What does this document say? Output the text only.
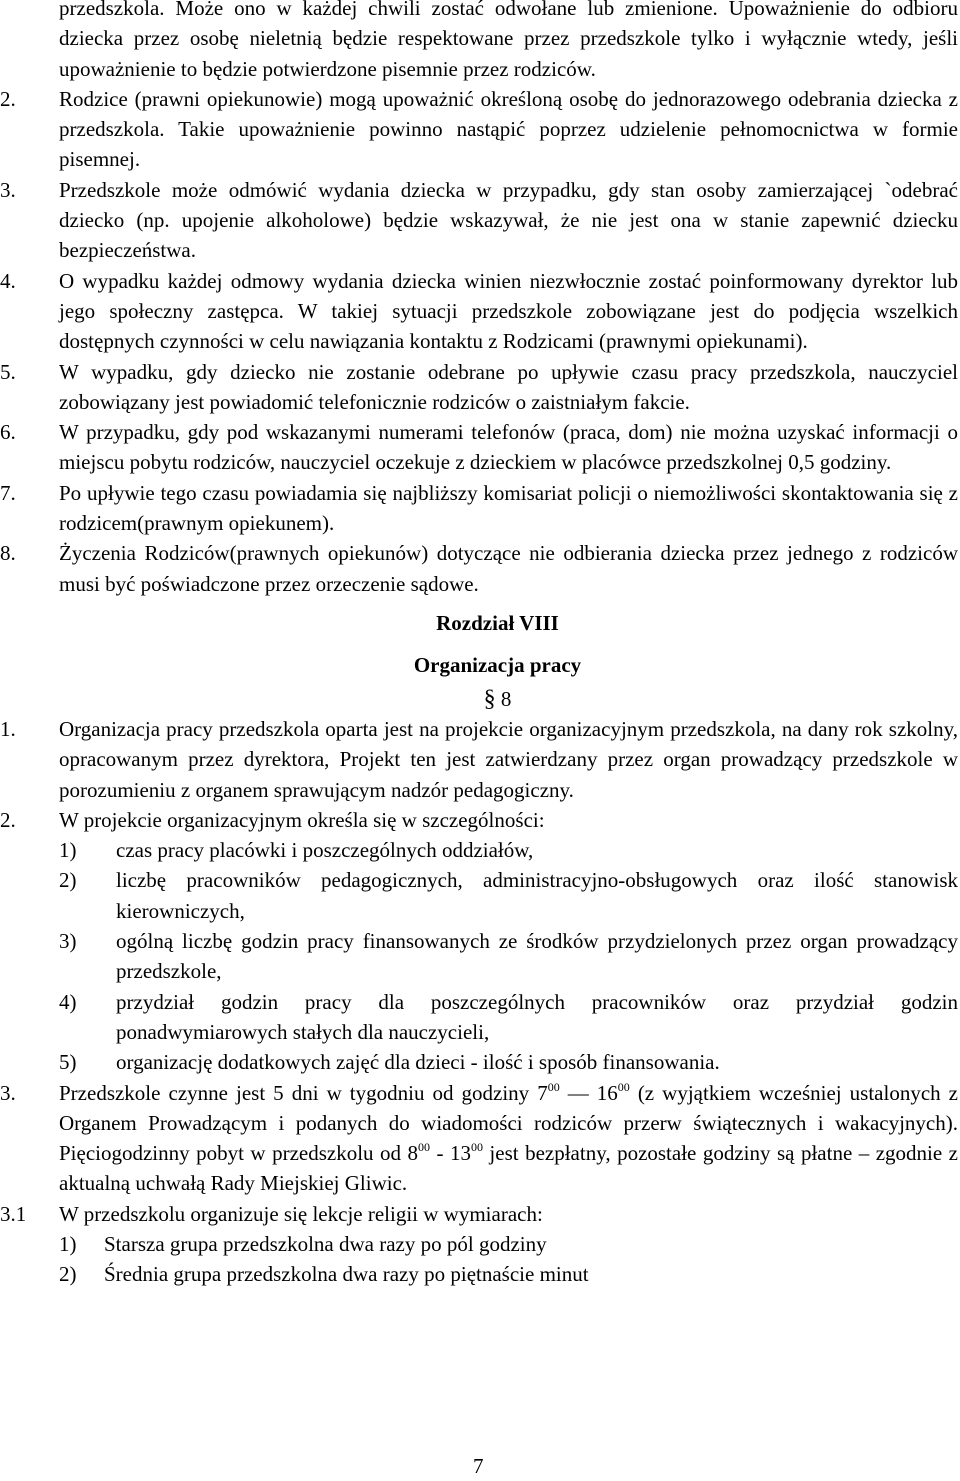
przedszkola. Może ono w każdej chwili zostać odwołane lub zmienione. Upoważnienie do odbioru dziecka przez osobę nieletnią będzie respektowane przez przedszkole tylko i wyłącznie wtedy, jeśli upoważnienie to będzie potwierdzone pisemnie przez rodziców.
2. Rodzice (prawni opiekunowie) mogą upoważnić określoną osobę do jednorazowego odebrania dziecka z przedszkola. Takie upoważnienie powinno nastąpić poprzez udzielenie pełnomocnictwa w formie pisemnej.
3. Przedszkole może odmówić wydania dziecka w przypadku, gdy stan osoby zamierzającej `odebrać dziecko (np. upojenie alkoholowe) będzie wskazywał, że nie jest ona w stanie zapewnić dziecku bezpieczeństwa.
4. O wypadku każdej odmowy wydania dziecka winien niezwłocznie zostać poinformowany dyrektor lub jego społeczny zastępca. W takiej sytuacji przedszkole zobowiązane jest do podjęcia wszelkich dostępnych czynności w celu nawiązania kontaktu z Rodzicami (prawnymi opiekunami).
5. W wypadku, gdy dziecko nie zostanie odebrane po upływie czasu pracy przedszkola, nauczyciel zobowiązany jest powiadomić telefonicznie rodziców o zaistniałym fakcie.
6. W przypadku, gdy pod wskazanymi numerami telefonów (praca, dom) nie można uzyskać informacji o miejscu pobytu rodziców, nauczyciel oczekuje z dzieckiem w placówce przedszkolnej 0,5 godziny.
7. Po upływie tego czasu powiadamia się najbliższy komisariat policji o niemożliwości skontaktowania się z rodzicem(prawnym opiekunem).
8. Życzenia Rodziców(prawnych opiekunów) dotyczące nie odbierania dziecka przez jednego z rodziców musi być poświadczone przez orzeczenie sądowe.
Rozdział VIII
Organizacja pracy
§ 8
1. Organizacja pracy przedszkola oparta jest na projekcie organizacyjnym przedszkola, na dany rok szkolny, opracowanym przez dyrektora, Projekt ten jest zatwierdzany przez organ prowadzący przedszkole w porozumieniu z organem sprawującym nadzór pedagogiczny.
2. W projekcie organizacyjnym określa się w szczególności:
1) czas pracy placówki i poszczególnych oddziałów,
2) liczbę pracowników pedagogicznych, administracyjno-obsługowych oraz ilość stanowisk kierowniczych,
3) ogólną liczbę godzin pracy finansowanych ze środków przydzielonych przez organ prowadzący przedszkole,
4) przydział godzin pracy dla poszczególnych pracowników oraz przydział godzin ponadwymiarowych stałych dla nauczycieli,
5) organizację dodatkowych zajęć dla dzieci - ilość i sposób finansowania.
3. Przedszkole czynne jest 5 dni w tygodniu od godziny $7^{00}$ — $16^{00}$ (z wyjątkiem wcześniej ustalonych z Organem Prowadzącym i podanych do wiadomości rodziców przerw świątecznych i wakacyjnych). Pięciogodzinny pobyt w przedszkolu od $8^{00} - 13^{00}$ jest bezpłatny, pozostałe godziny są płatne – zgodnie z aktualną uchwałą Rady Miejskiej Gliwic.
3.1 W przedszkolu organizuje się lekcje religii w wymiarach:
1) Starsza grupa przedszkolna dwa razy po pól godziny
2) Średnia grupa przedszkolna dwa razy po piętnaście minut
7
